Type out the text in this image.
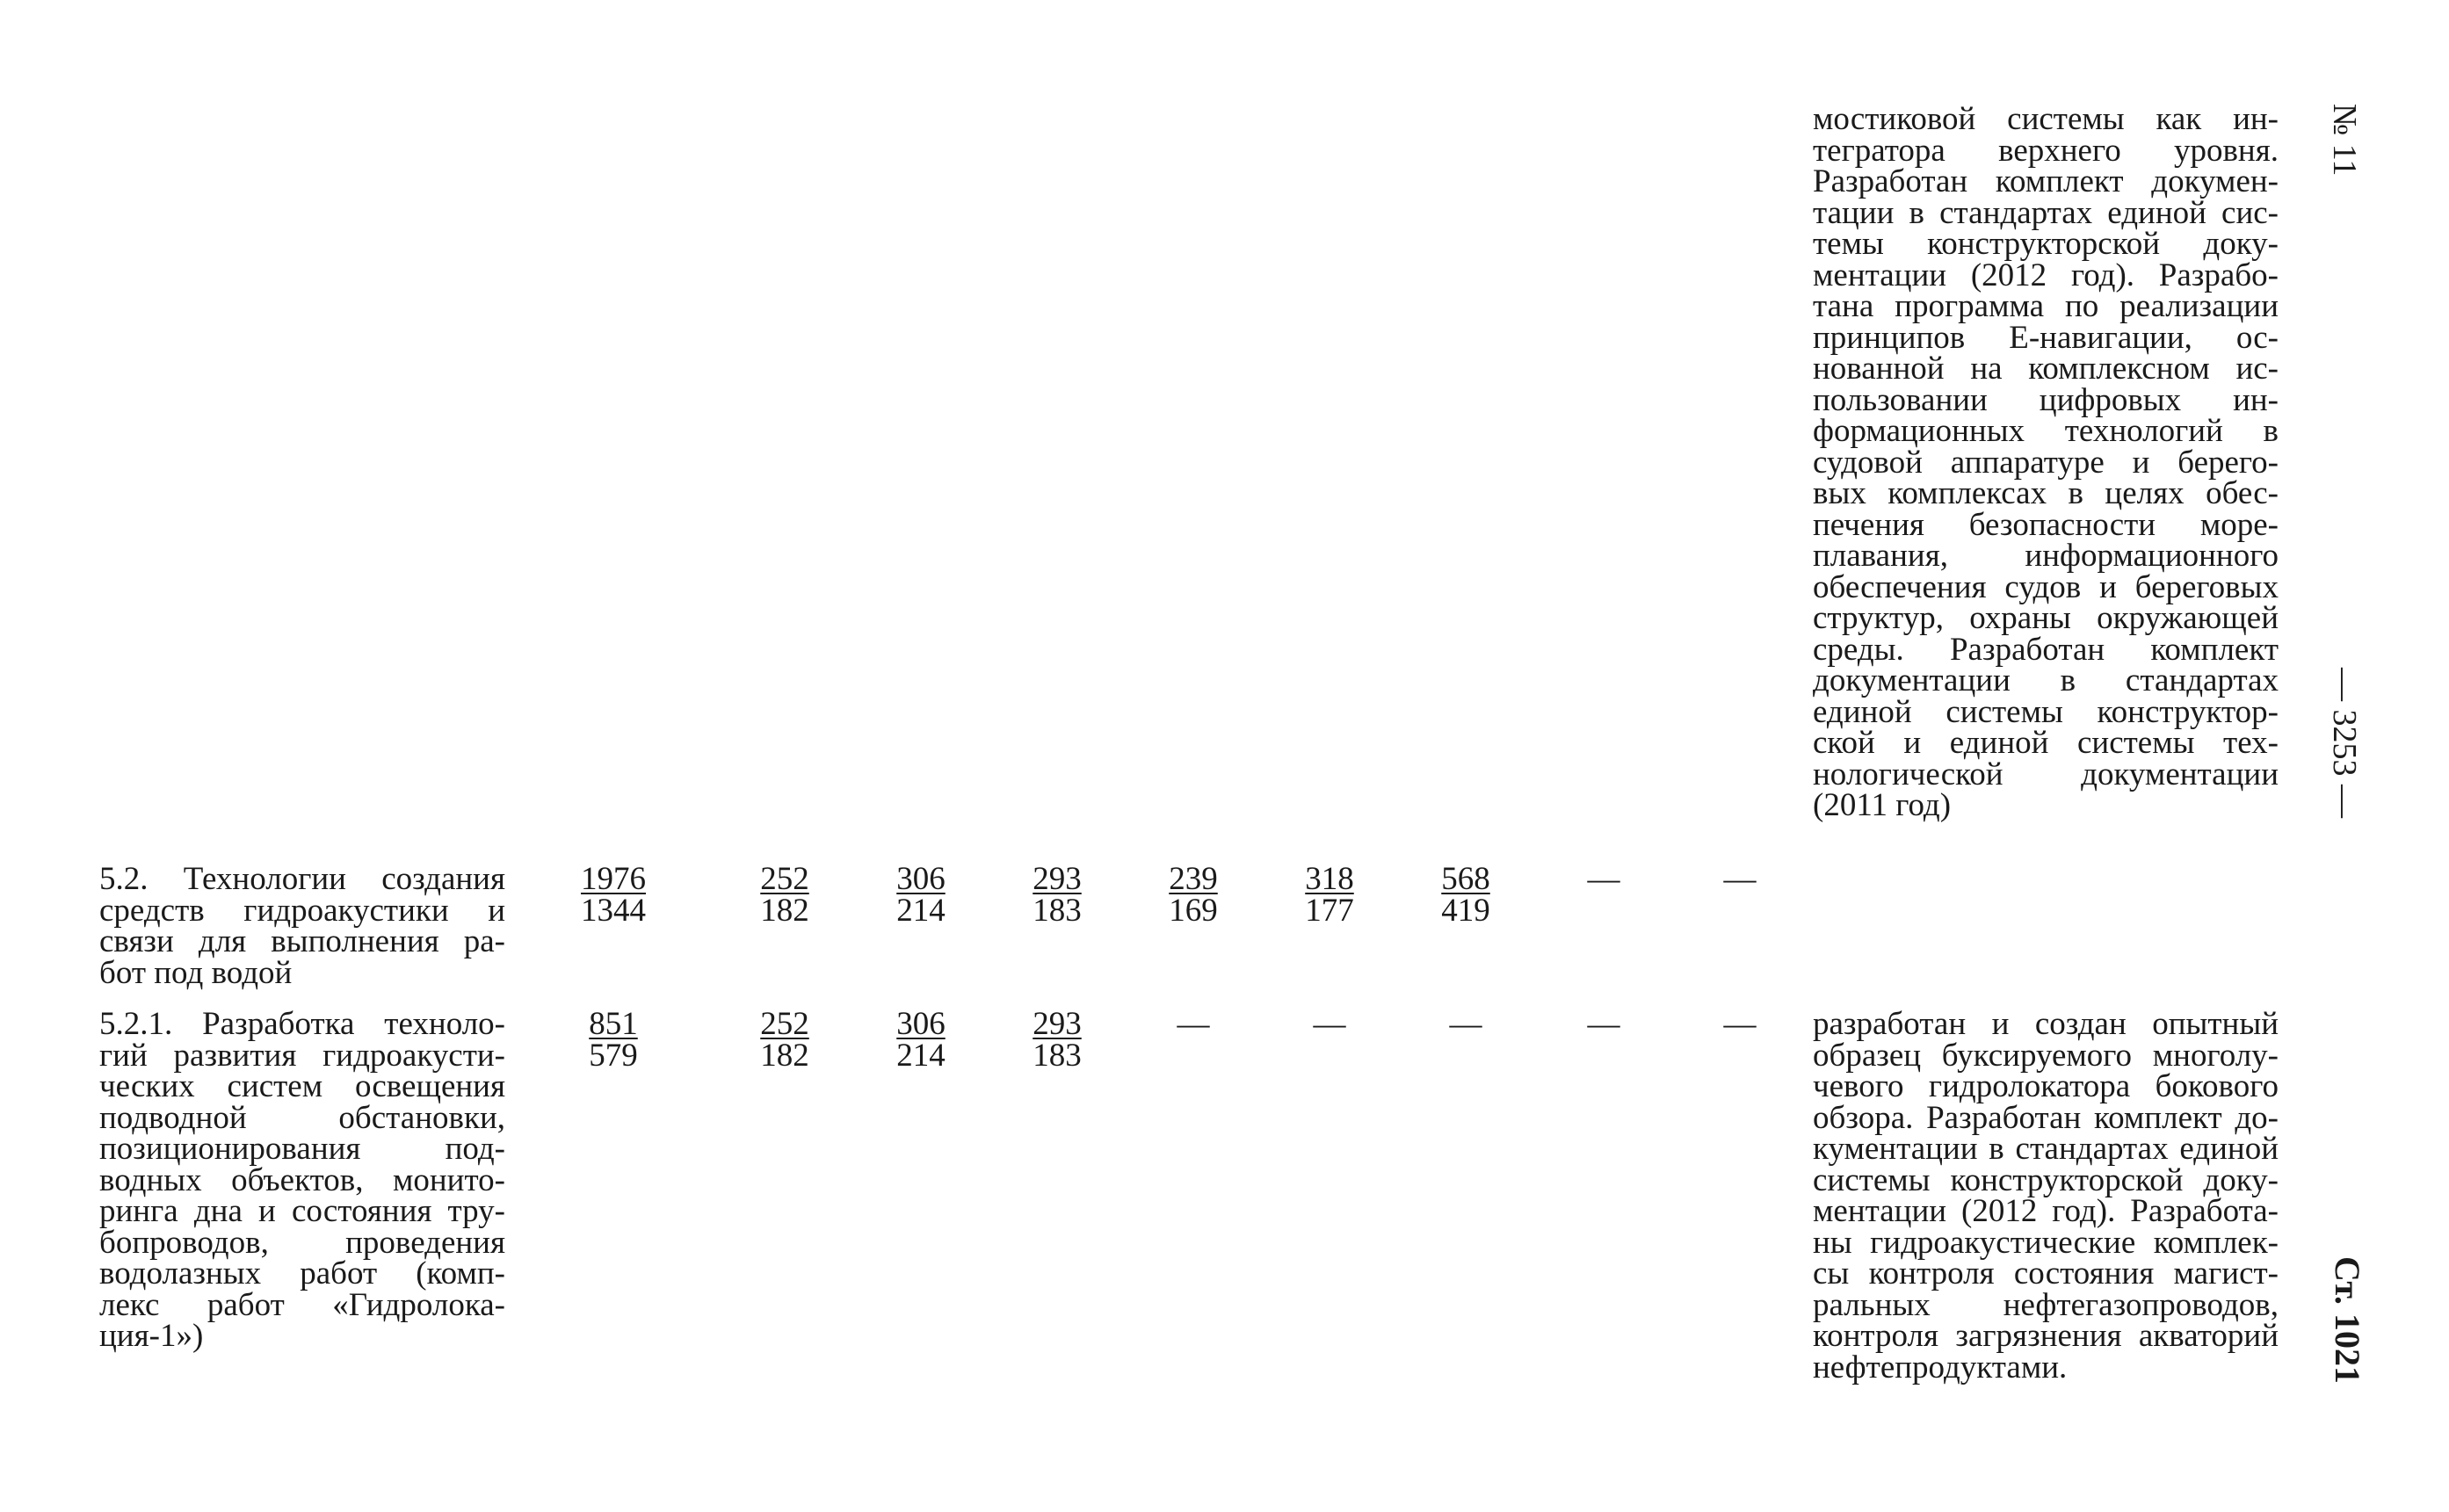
мостиковой системы как ин-
тегратора верхнего уровня.
Разработан комплект докумен-
тации в стандартах единой сис-
темы конструкторской доку-
ментации (2012 год). Разрабо-
тана программа по реализации
принципов Е-навигации, ос-
нованной на комплексном ис-
пользовании цифровых ин-
формационных технологий в
судовой аппаратуре и берего-
вых комплексах в целях обес-
печения безопасности море-
плавания, информационного
обеспечения судов и береговых
структур, охраны окружающей
среды. Разработан комплект
документации в стандартах
единой системы конструктор-
ской и единой системы тех-
нологической документации
(2011 год)
5.2. Технологии создания
средств гидроакустики и
связи для выполнения ра-
бот под водой
$\frac{1976}{1344} \frac{252}{182} \frac{306}{214} \frac{293}{183} \frac{239}{169} \frac{318}{177} \frac{568}{419}$	—	—
5.2.1. Разработка техноло-
гий развития гидроакусти-
ческих систем освещения
подводной обстановки,
позиционирования под-
водных объектов, монито-
ринга дна и состояния тру-
бопроводов, проведения
водолазных работ (комп-
лекс работ «Гидролока-
ция-1»)
$\frac{851}{579} \frac{252}{182} \frac{306}{214} \frac{293}{183}$	—	—	—	—	—	разработан и создан опытный
образец буксируемого многолу-
чевого гидролокатора бокового
обзора. Разработан комплект до-
кументации в стандартах единой
системы конструкторской доку-
ментации (2012 год). Разработа-
ны гидроакустические комплек-
сы контроля состояния магист-
ральных нефтегазопроводов,
контроля загрязнения акваторий
нефтепродуктами.
№ 11
— 3253 —
Ст. 1021
